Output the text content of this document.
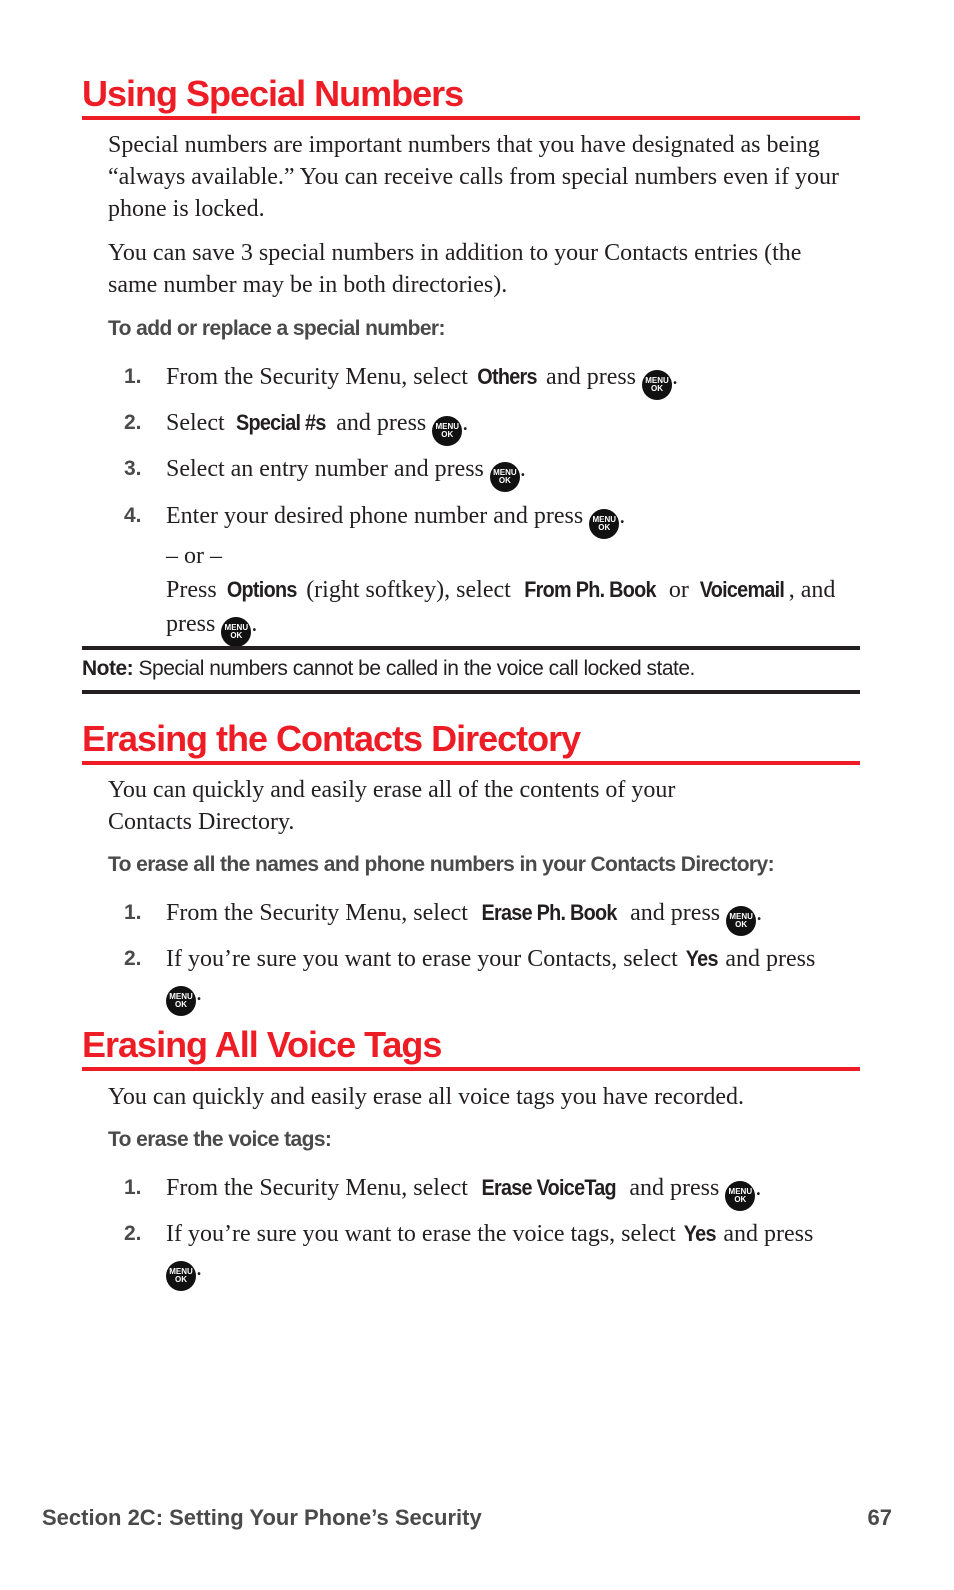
Using Special Numbers
Special numbers are important numbers that you have designated as being “always available.” You can receive calls from special numbers even if your phone is locked.
You can save 3 special numbers in addition to your Contacts entries (the same number may be in both directories).
To add or replace a special number:
1. From the Security Menu, select Others and press MENU
OK .
2. Select Special #s and press MENU
OK .
3. Select an entry number and press MENU
OK .
4. Enter your desired phone number and press MENU
OK .
– or –
Press Options (right softkey), select From Ph. Book or Voicemail , and press MENU
OK .
Note: Special numbers cannot be called in the voice call locked state.
Erasing the Contacts Directory
You can quickly and easily erase all of the contents of your Contacts Directory.
To erase all the names and phone numbers in your Contacts Directory:
1. From the Security Menu, select Erase Ph. Book and press MENU
OK .
2. If you’re sure you want to erase your Contacts, select Yes and press MENU
OK .
Erasing All Voice Tags
You can quickly and easily erase all voice tags you have recorded.
To erase the voice tags:
1. From the Security Menu, select Erase VoiceTag and press MENU
OK .
2. If you’re sure you want to erase the voice tags, select Yes and press MENU
OK .
Section 2C: Setting Your Phone’s Security	67
